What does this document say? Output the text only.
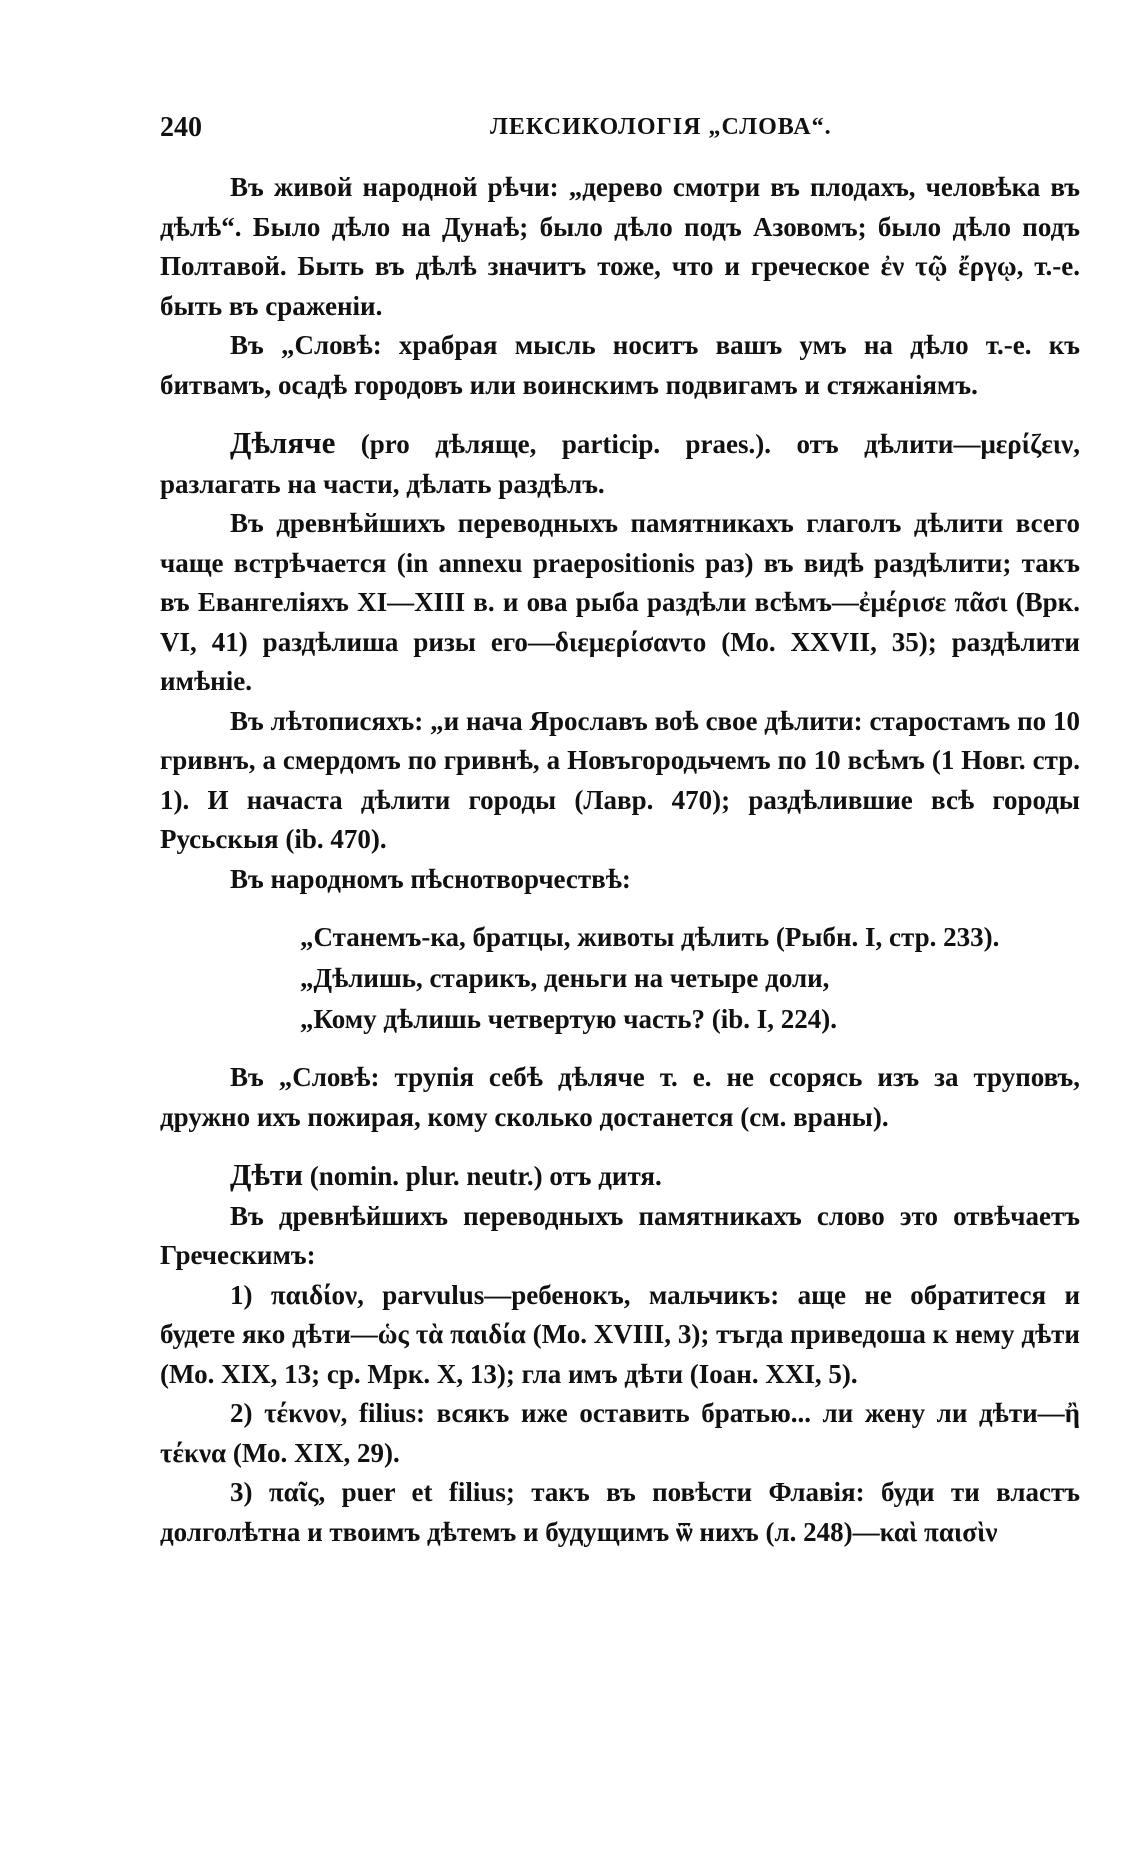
240	ЛЕКСИКОЛОГІЯ „СЛОВА“.

Въ живой народной рѣчи: „дерево смотри въ плодахъ, человѣка въ дѣлѣ“. Было дѣло на Дунаѣ; было дѣло подъ Азовомъ; было дѣло подъ Полтавой. Быть въ дѣлѣ значитъ тоже, что и греческое ἐν τῷ ἔργῳ, т.-е. быть въ сраженіи.

Въ „Словѣ: храбрая мысль носитъ вашъ умъ на дѣло т.-е. къ битвамъ, осадѣ городовъ или воинскимъ подвигамъ и стяжаніямъ.

Дѣляче (pro дѣляще, particip. praes.). отъ дѣлити—μερίζειν, разлагать на части, дѣлать раздѣлъ.

Въ древнѣйшихъ переводныхъ памятникахъ глаголъ дѣлити всего чаще встрѣчается (in annexu praepositionis раз) въ видѣ раздѣлити; такъ въ Евангеліяхъ XI—XIII в. и ова рыба раздѣли всѣмъ—ἐμέρισε πᾶσι (Врк. VI, 41) раздѣлиша ризы его—διεμερίσαντο (Мо. XXVII, 35); раздѣлити имѣніе.

Въ лѣтописяхъ: „и нача Ярославъ воѣ свое дѣлити: старостамъ по 10 гривнъ, а смердомъ по гривнѣ, а Новъгородьчемъ по 10 всѣмъ (1 Новг. стр. 1). И начаста дѣлити городы (Лавр. 470); раздѣлившие всѣ городы Русьскыя (ib. 470).

Въ народномъ пѣснотворчествѣ:

„Станемъ-ка, братцы, животы дѣлить (Рыбн. I, стр. 233).
„Дѣлишь, старикъ, деньги на четыре доли,
„Кому дѣлишь четвертую часть? (ib. I, 224).

Въ „Словѣ: трупія себѣ дѣляче т. е. не ссорясь изъ за труповъ, дружно ихъ пожирая, кому сколько достанется (см. враны).

Дѣти (nomin. plur. neutr.) отъ дитя.

Въ древнѣйшихъ переводныхъ памятникахъ слово это отвѣчаетъ Греческимъ:

1) παιδίον, parvulus—ребенокъ, мальчикъ: аще не обратитеся и будете яко дѣти—ὡς τὰ παιδία (Мо. XVIII, 3); тъгда приведоша к нему дѣти (Мо. XIX, 13; ср. Мрк. X, 13); гла имъ дѣти (Іоан. XXI, 5).

2) τέκνον, filius: всякъ иже оставить братью... ли жену ли дѣти—ἢ τέκνα (Мо. XIX, 29).

3) παῖς, puer et filius; такъ въ повѣсти Флавія: буди ти властъ долголѣтна и твоимъ дѣтемъ и будущимъ ѿ нихъ (л. 248)—καὶ παισὶν
